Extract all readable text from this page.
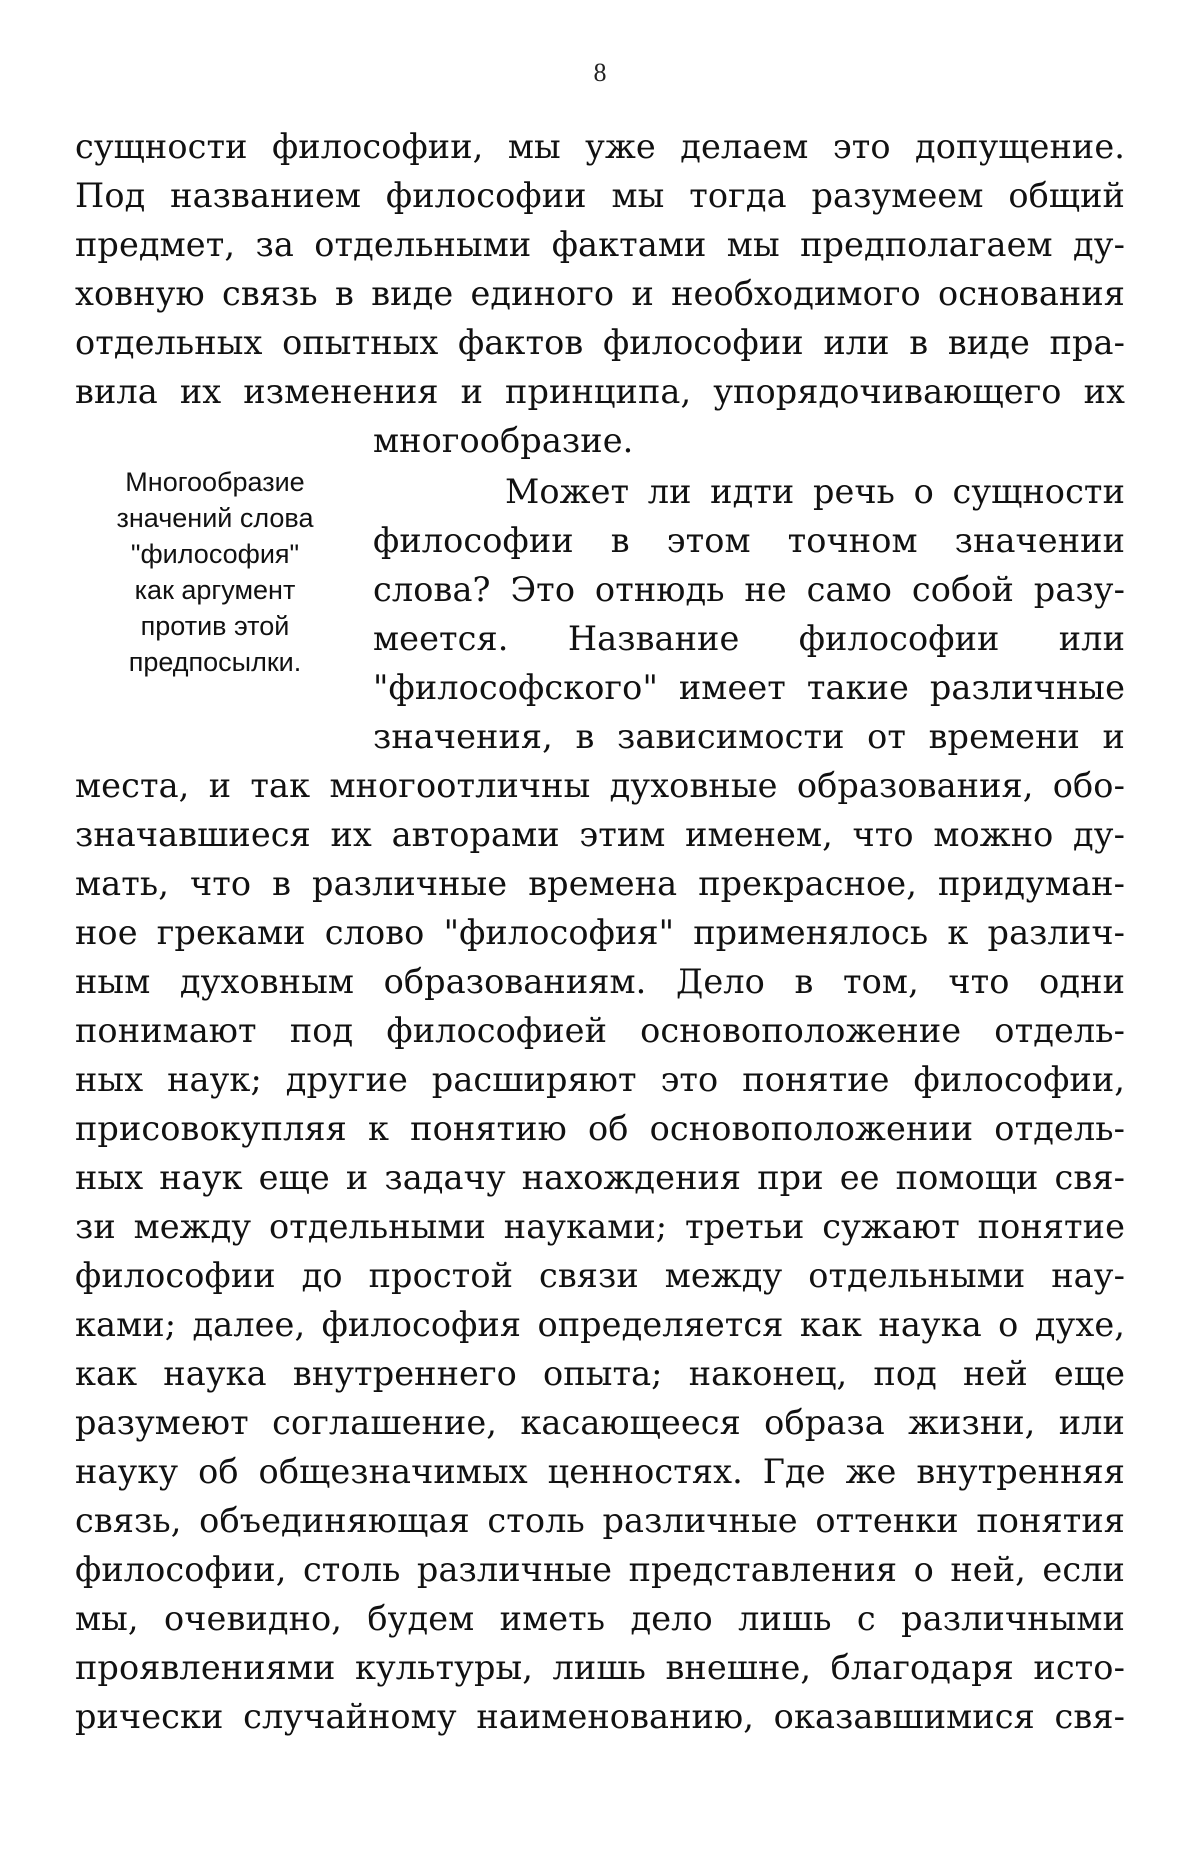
8
сущности философии, мы уже делаем это допущение.
Под названием философии мы тогда разумеем общий
предмет, за отдельными фактами мы предполагаем ду-
ховную связь в виде единого и необходимого основания
отдельных опытных фактов философии или в виде пра-
вила их изменения и принципа, упорядочивающего их
многообразие.
Может ли идти речь о сущности
философии в этом точном значении
слова? Это отнюдь не само собой разу-
меется. Название философии или
"философского" имеет такие различные
значения, в зависимости от времени и
места, и так многоотличны духовные образования, обо-
значавшиеся их авторами этим именем, что можно ду-
мать, что в различные времена прекрасное, придуман-
ное греками слово "философия" применялось к различ-
ным духовным образованиям. Дело в том, что одни
понимают под философией основоположение отдель-
ных наук; другие расширяют это понятие философии,
присовокупляя к понятию об основоположении отдель-
ных наук еще и задачу нахождения при ее помощи свя-
зи между отдельными науками; третьи сужают понятие
философии до простой связи между отдельными нау-
ками; далее, философия определяется как наука о духе,
как наука внутреннего опыта; наконец, под ней еще
разумеют соглашение, касающееся образа жизни, или
науку об общезначимых ценностях. Где же внутренняя
связь, объединяющая столь различные оттенки понятия
философии, столь различные представления о ней, если
мы, очевидно, будем иметь дело лишь с различными
проявлениями культуры, лишь внешне, благодаря исто-
рически случайному наименованию, оказавшимися свя-
Многообразие
значений слова
"философия"
как аргумент
против этой
предпосылки.
